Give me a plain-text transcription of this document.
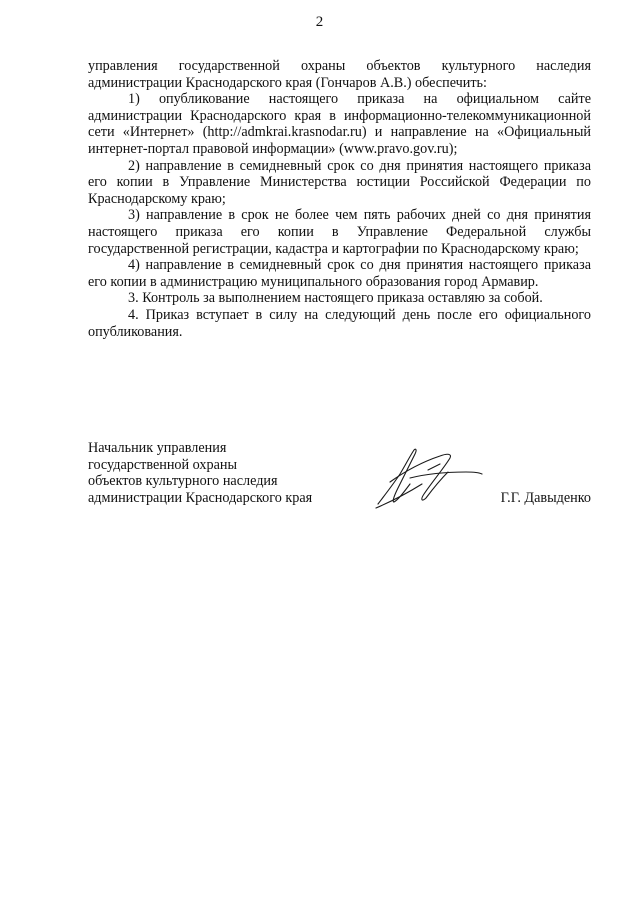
2

управления государственной охраны объектов культурного наследия администрации Краснодарского края (Гончаров А.В.) обеспечить:

1) опубликование настоящего приказа на официальном сайте администрации Краснодарского края в информационно-телекоммуникационной сети «Интернет» (http://admkrai.krasnodar.ru) и направление на «Официальный интернет-портал правовой информации» (www.pravo.gov.ru);

2) направление в семидневный срок со дня принятия настоящего приказа его копии в Управление Министерства юстиции Российской Федерации по Краснодарскому краю;

3) направление в срок не более чем пять рабочих дней со дня принятия настоящего приказа его копии в Управление Федеральной службы государственной регистрации, кадастра и картографии по Краснодарскому краю;

4) направление в семидневный срок со дня принятия настоящего приказа его копии в администрацию муниципального образования город Армавир.

3. Контроль за выполнением настоящего приказа оставляю за собой.

4. Приказ вступает в силу на следующий день после его официального опубликования.

Начальник управления
государственной охраны
объектов культурного наследия
администрации Краснодарского края	Г.Г. Давыденко
